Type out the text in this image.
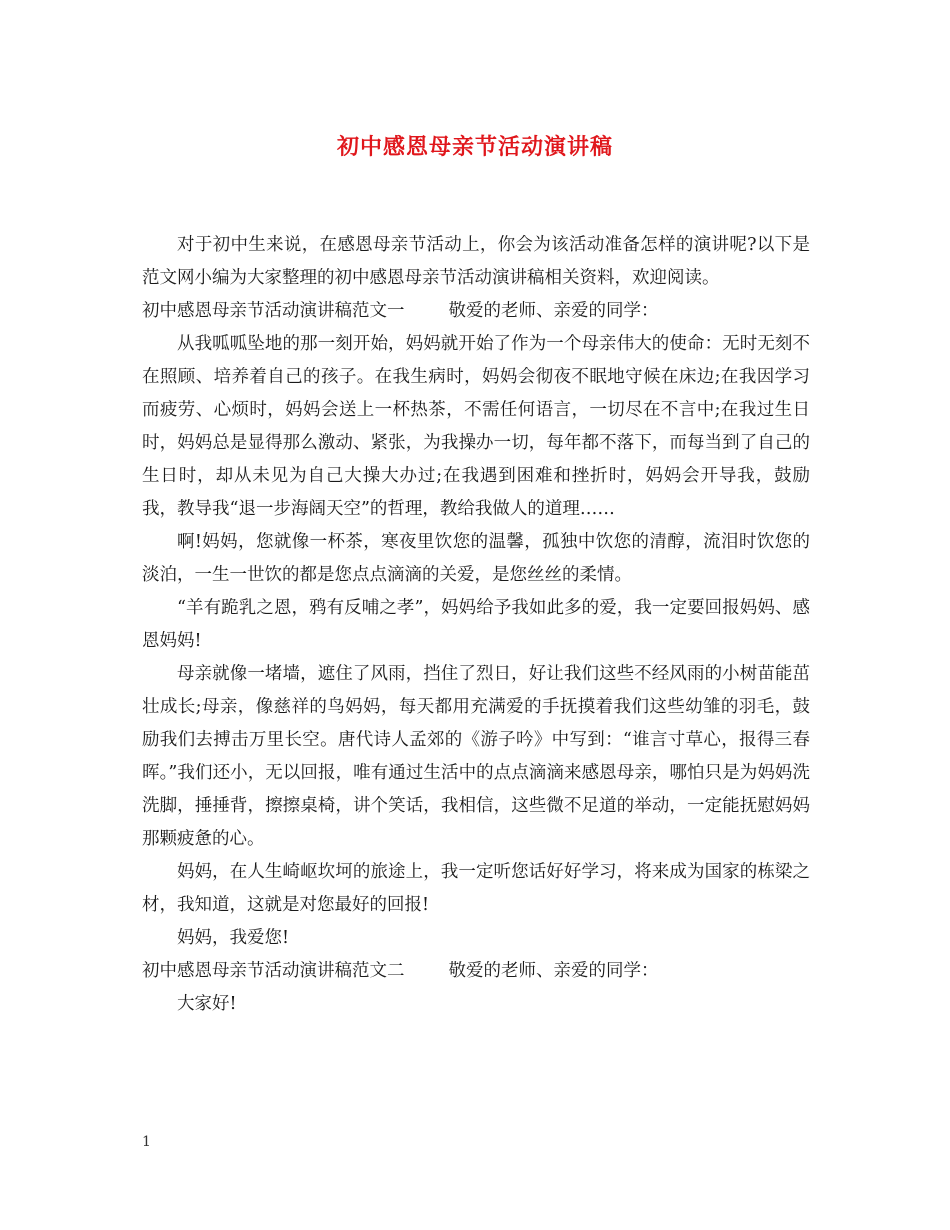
初中感恩母亲节活动演讲稿

对于初中生来说，在感恩母亲节活动上，你会为该活动准备怎样的演讲呢?以下是范文网小编为大家整理的初中感恩母亲节活动演讲稿相关资料，欢迎阅读。

初中感恩母亲节活动演讲稿范文一	敬爱的老师、亲爱的同学：

从我呱呱坠地的那一刻开始，妈妈就开始了作为一个母亲伟大的使命：无时无刻不在照顾、培养着自己的孩子。在我生病时，妈妈会彻夜不眠地守候在床边;在我因学习而疲劳、心烦时，妈妈会送上一杯热茶，不需任何语言，一切尽在不言中;在我过生日时，妈妈总是显得那么激动、紧张，为我操办一切，每年都不落下，而每当到了自己的生日时，却从未见为自己大操大办过;在我遇到困难和挫折时，妈妈会开导我，鼓励我，教导我“退一步海阔天空”的哲理，教给我做人的道理……

啊!妈妈，您就像一杯茶，寒夜里饮您的温馨，孤独中饮您的清醇，流泪时饮您的淡泊，一生一世饮的都是您点点滴滴的关爱，是您丝丝的柔情。

“羊有跪乳之恩，鸦有反哺之孝”，妈妈给予我如此多的爱，我一定要回报妈妈、感恩妈妈!

母亲就像一堵墙，遮住了风雨，挡住了烈日，好让我们这些不经风雨的小树苗能茁壮成长;母亲，像慈祥的鸟妈妈，每天都用充满爱的手抚摸着我们这些幼雏的羽毛，鼓励我们去搏击万里长空。唐代诗人孟郊的《游子吟》中写到：“谁言寸草心，报得三春晖。”我们还小，无以回报，唯有通过生活中的点点滴滴来感恩母亲，哪怕只是为妈妈洗洗脚，捶捶背，擦擦桌椅，讲个笑话，我相信，这些微不足道的举动，一定能抚慰妈妈那颗疲惫的心。

妈妈，在人生崎岖坎坷的旅途上，我一定听您话好好学习，将来成为国家的栋梁之材，我知道，这就是对您最好的回报!

妈妈，我爱您!

初中感恩母亲节活动演讲稿范文二	敬爱的老师、亲爱的同学：

大家好!

1
